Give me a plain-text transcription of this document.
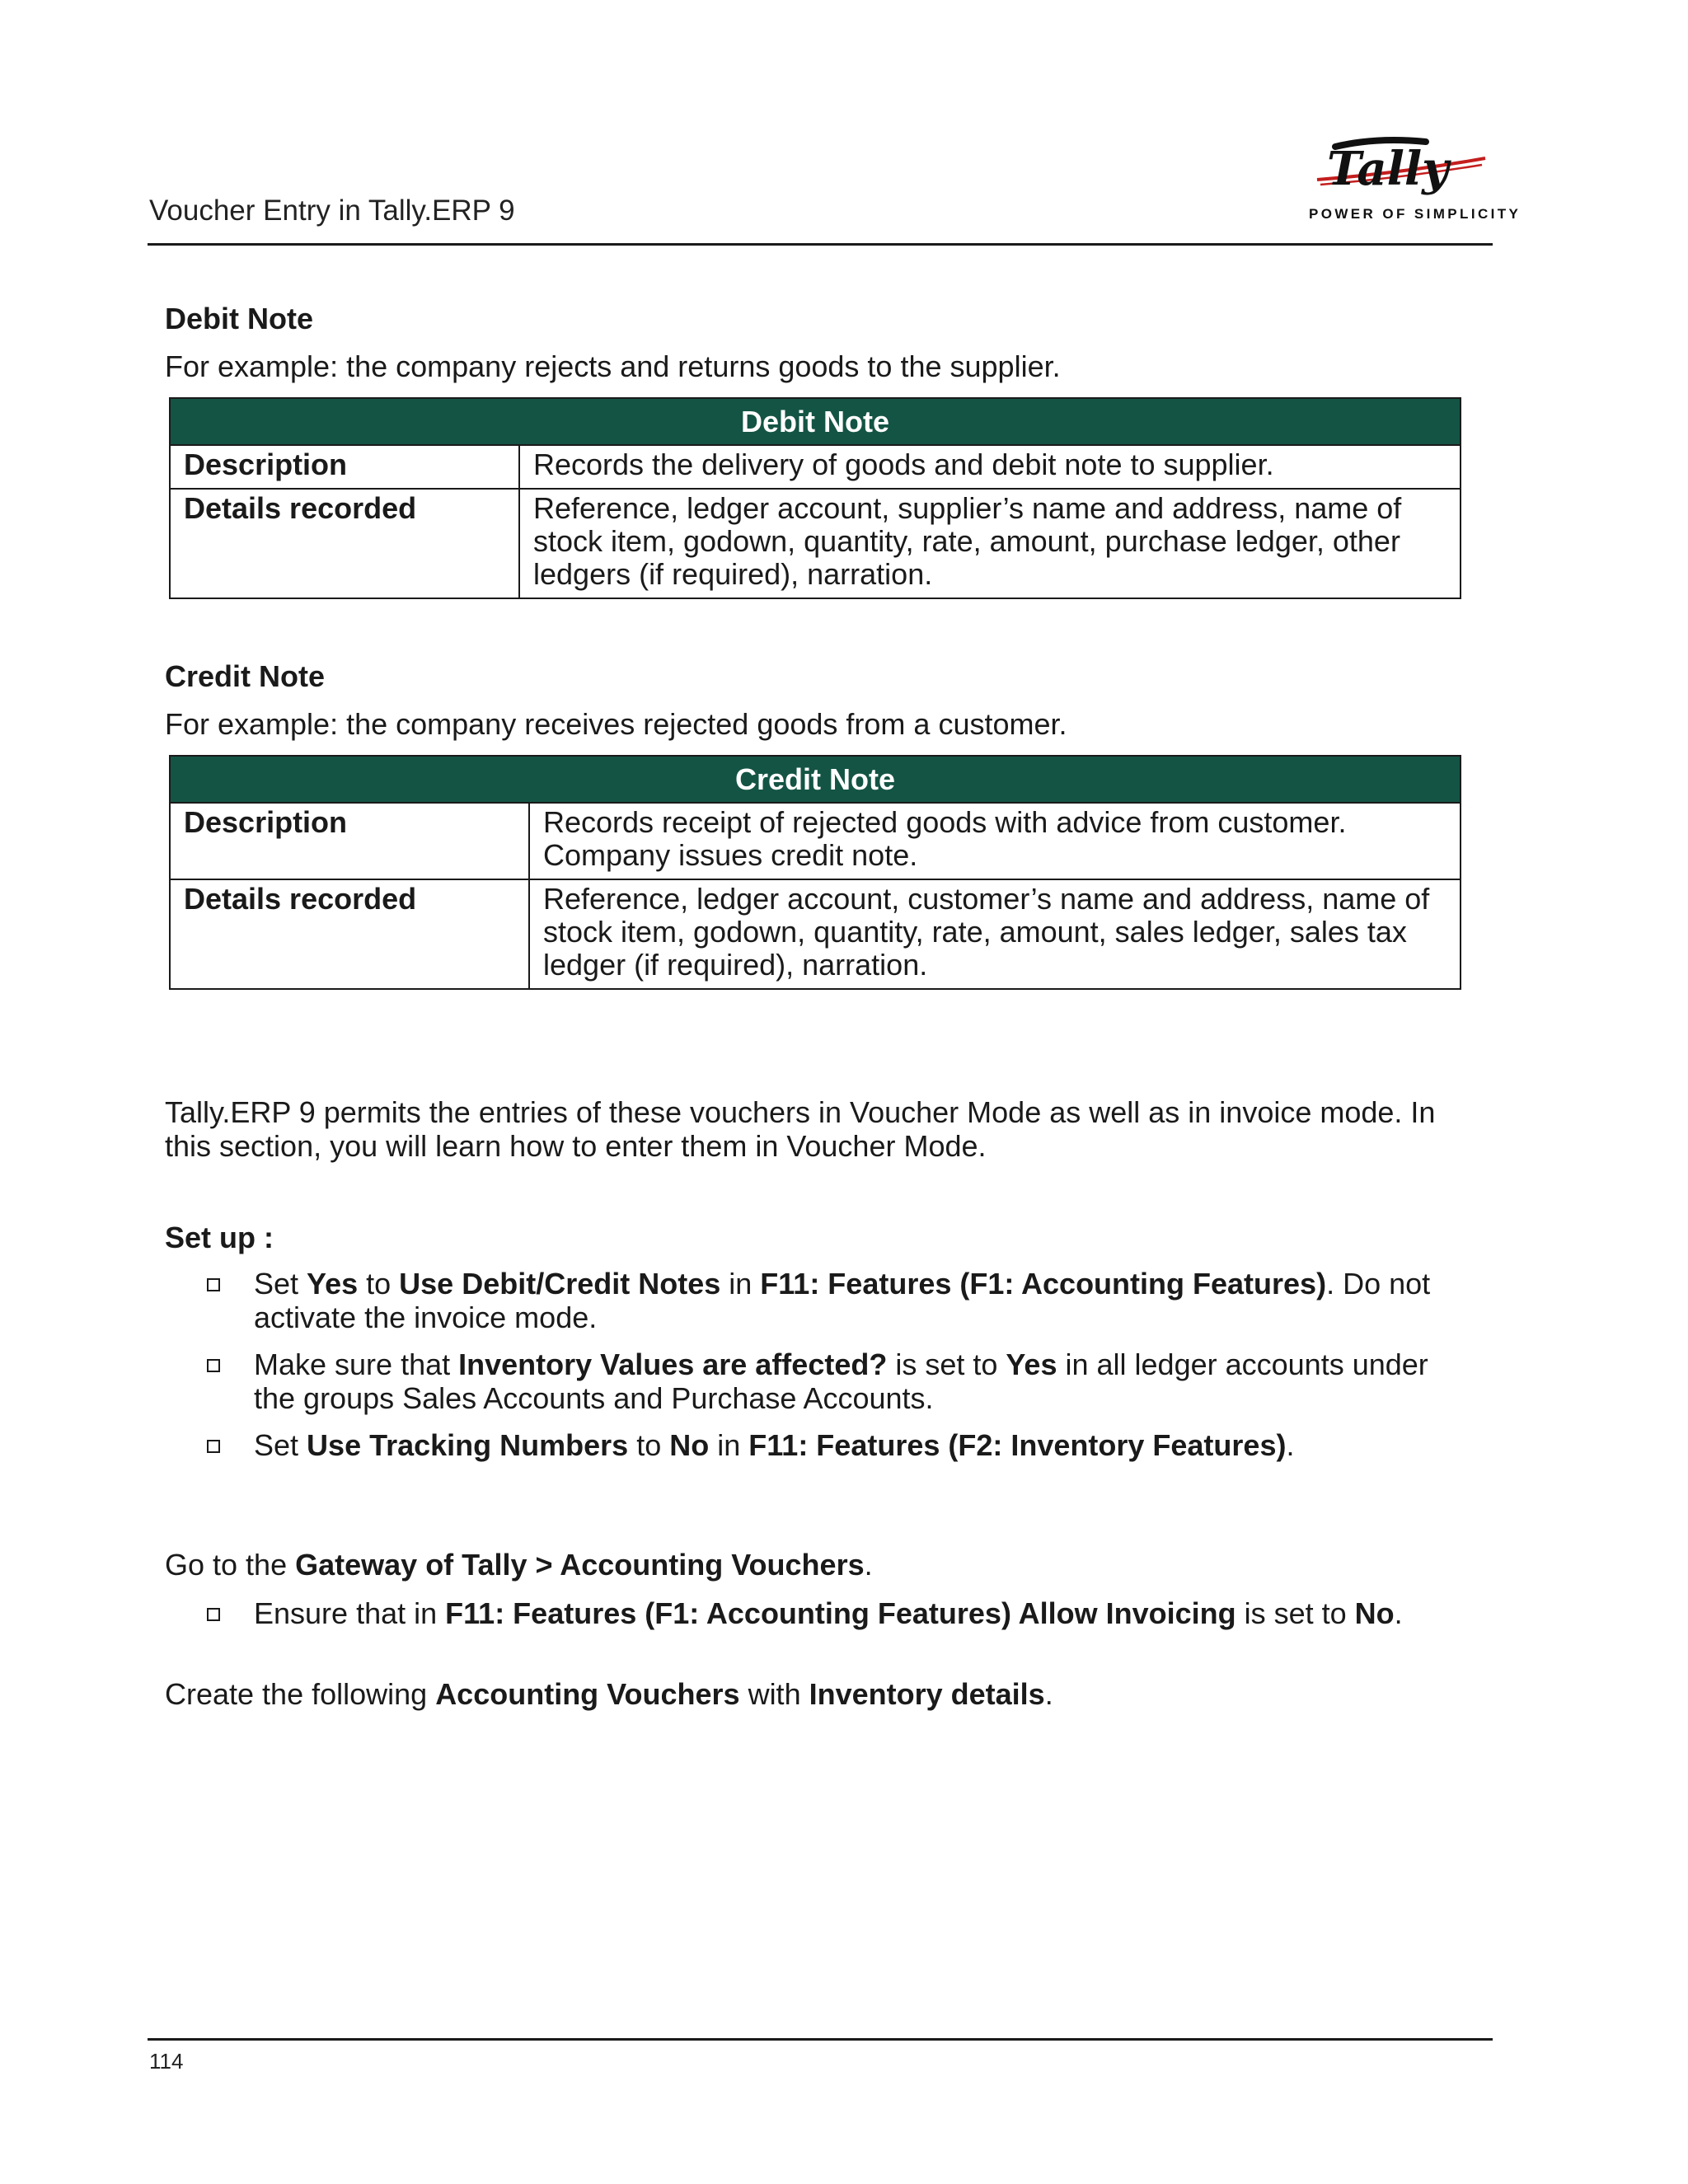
Voucher Entry in Tally.ERP 9
Tally
POWER OF SIMPLICITY

Debit Note

For example: the company rejects and returns goods to the supplier.

Debit Note	
Description	Records the delivery of goods and debit note to supplier.
Details recorded	Reference, ledger account, supplier’s name and address, name of stock item, godown, quantity, rate, amount, purchase ledger, other ledgers (if required), narration.

Credit Note

For example: the company receives rejected goods from a customer.

Credit Note	
Description	Records receipt of rejected goods with advice from customer. Company issues credit note.
Details recorded	Reference, ledger account, customer’s name and address, name of stock item, godown, quantity, rate, amount, sales ledger, sales tax ledger (if required), narration.

Tally.ERP 9 permits the entries of these vouchers in Voucher Mode as well as in invoice mode. In this section, you will learn how to enter them in Voucher Mode.

Set up :

Set Yes to Use Debit/Credit Notes in F11: Features (F1: Accounting Features). Do not activate the invoice mode.
Make sure that Inventory Values are affected? is set to Yes in all ledger accounts under the groups Sales Accounts and Purchase Accounts.
Set Use Tracking Numbers to No in F11: Features (F2: Inventory Features).

Go to the Gateway of Tally > Accounting Vouchers.

Ensure that in F11: Features (F1: Accounting Features) Allow Invoicing is set to No.

Create the following Accounting Vouchers with Inventory details.

114
